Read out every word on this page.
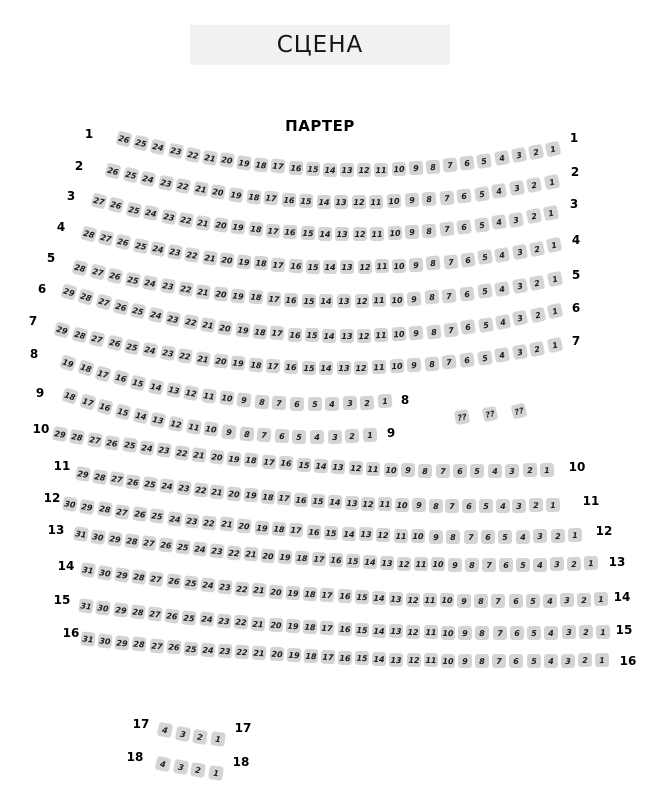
СЦЕНА
ПАРТЕР
26 25 24 23 22 21 20 19 18 17 16 15 14 13 12 11 10	9	8	7	6	5	4	3	2	1
1	1
26 25 24 23 22 21 20 19 18 17 16 15 14 13 12 11 10	9	8	7	6	5	4	3	2	1
2	2
27 26 25 24 23 22 21 20 19 18 17 16 15 14 13 12 11 10	9	8	7	6	5	4	3	2	1
3
3
28 27 26 25 24 23 22 21 20 19 18 17 16 15 14 13 12 11 10	9	8	7	6	5	4	3	2	1
4
4
28 27 26 25 24 23 22 21 20 19 18 17 16 15 14 13 12 11 10	9	8	7	6	5	4	3	2	1
5
5
29 28 27 26 25 24 23 22 21 20 19 18 17 16 15 14 13 12 11 10	9	8	7	6	5	4	3	2	1
6
6
29 28 27 26 25 24 23 22 21 20 19 18 17 16 15 14 13 12 11 10	9	8	7	6	5	4	3	2	1
7
7
19 18 17 16 15 14 13 12 11 10	9	8	7	6	5	4	3	2	1
8
8
18 17 16 15 14 13 12 11 10	9	8	7	6	5	4	3	2	1
9
9
29 28 27 26 25 24 23 22 21 20 19 18 17 16 15 14 13 12 11 10	9	8	7	6	5	4	3	2	1
10
10
29 28 27 26 25 24 23 22 21 20 19 18 17 16 15 14 13 12 11 10	9	8	7	6	5	4	3	2	1
11
11
30 29 28 27 26 25 24 23 22 21 20 19 18 17 16 15 14 13 12 11 10	9	8	7	6	5	4	3	2	1
12
12
31 30 29 28 27 26 25 24 23 22 21 20 19 18 17 16 15 14 13 12 11 10	9	8	7	6	5	4	3	2	1
13
13
31 30 29 28 27 26 25 24 23 22 21 20 19 18 17 16 15 14 13 12 11 10	9	8	7	6	5	4	3	2	1
14
14
31 30 29 28 27 26 25 24 23 22 21 20 19 18 17 16 15 14 13 12 11 10	9	8	7	6	5	4	3	2	1
15
15
31 30 29 28 27 26 25 24 23 22 21 20 19 18 17 16 15 14 13 12 11 10	9	8	7	6	5	4	3	2	1
16
16
4	3	2	1
17	17
4	3	2	1
18	18
??	??	??
